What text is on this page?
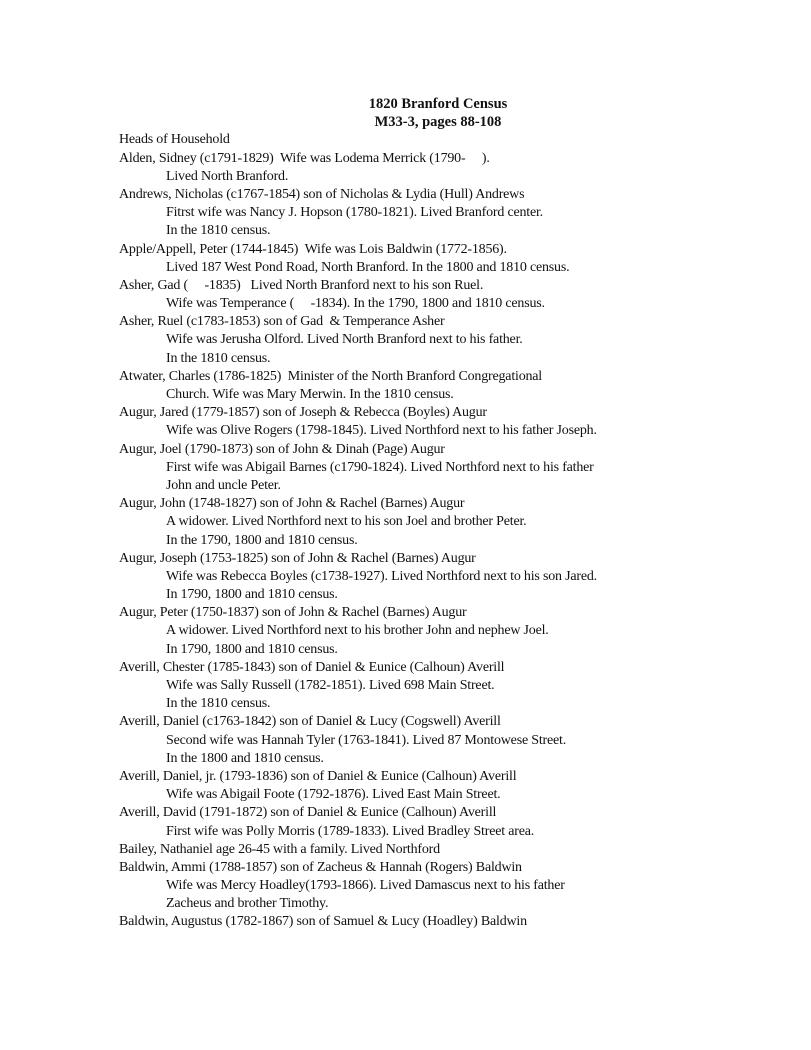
1820 Branford Census
M33-3, pages 88-108
Heads of Household
Alden, Sidney (c1791-1829)  Wife was Lodema Merrick (1790-     ).
Lived North Branford.
Andrews, Nicholas (c1767-1854) son of Nicholas & Lydia (Hull) Andrews
Fitrst wife was Nancy J. Hopson (1780-1821). Lived Branford center.
In the 1810 census.
Apple/Appell, Peter (1744-1845)  Wife was Lois Baldwin (1772-1856).
Lived 187 West Pond Road, North Branford. In the 1800 and 1810 census.
Asher, Gad (     -1835)   Lived North Branford next to his son Ruel.
Wife was Temperance (     -1834). In the 1790, 1800 and 1810 census.
Asher, Ruel (c1783-1853) son of Gad  & Temperance Asher
Wife was Jerusha Olford. Lived North Branford next to his father.
In the 1810 census.
Atwater, Charles (1786-1825)  Minister of the North Branford Congregational
Church. Wife was Mary Merwin. In the 1810 census.
Augur, Jared (1779-1857) son of Joseph & Rebecca (Boyles) Augur
Wife was Olive Rogers (1798-1845). Lived Northford next to his father Joseph.
Augur, Joel (1790-1873) son of John & Dinah (Page) Augur
First wife was Abigail Barnes (c1790-1824). Lived Northford next to his father
John and uncle Peter.
Augur, John (1748-1827) son of John & Rachel (Barnes) Augur
A widower. Lived Northford next to his son Joel and brother Peter.
In the 1790, 1800 and 1810 census.
Augur, Joseph (1753-1825) son of John & Rachel (Barnes) Augur
Wife was Rebecca Boyles (c1738-1927). Lived Northford next to his son Jared.
In 1790, 1800 and 1810 census.
Augur, Peter (1750-1837) son of John & Rachel (Barnes) Augur
A widower. Lived Northford next to his brother John and nephew Joel.
In 1790, 1800 and 1810 census.
Averill, Chester (1785-1843) son of Daniel & Eunice (Calhoun) Averill
Wife was Sally Russell (1782-1851). Lived 698 Main Street.
In the 1810 census.
Averill, Daniel (c1763-1842) son of Daniel & Lucy (Cogswell) Averill
Second wife was Hannah Tyler (1763-1841). Lived 87 Montowese Street.
In the 1800 and 1810 census.
Averill, Daniel, jr. (1793-1836) son of Daniel & Eunice (Calhoun) Averill
Wife was Abigail Foote (1792-1876). Lived East Main Street.
Averill, David (1791-1872) son of Daniel & Eunice (Calhoun) Averill
First wife was Polly Morris (1789-1833). Lived Bradley Street area.
Bailey, Nathaniel age 26-45 with a family. Lived Northford
Baldwin, Ammi (1788-1857) son of Zacheus & Hannah (Rogers) Baldwin
Wife was Mercy Hoadley(1793-1866). Lived Damascus next to his father
Zacheus and brother Timothy.
Baldwin, Augustus (1782-1867) son of Samuel & Lucy (Hoadley) Baldwin
